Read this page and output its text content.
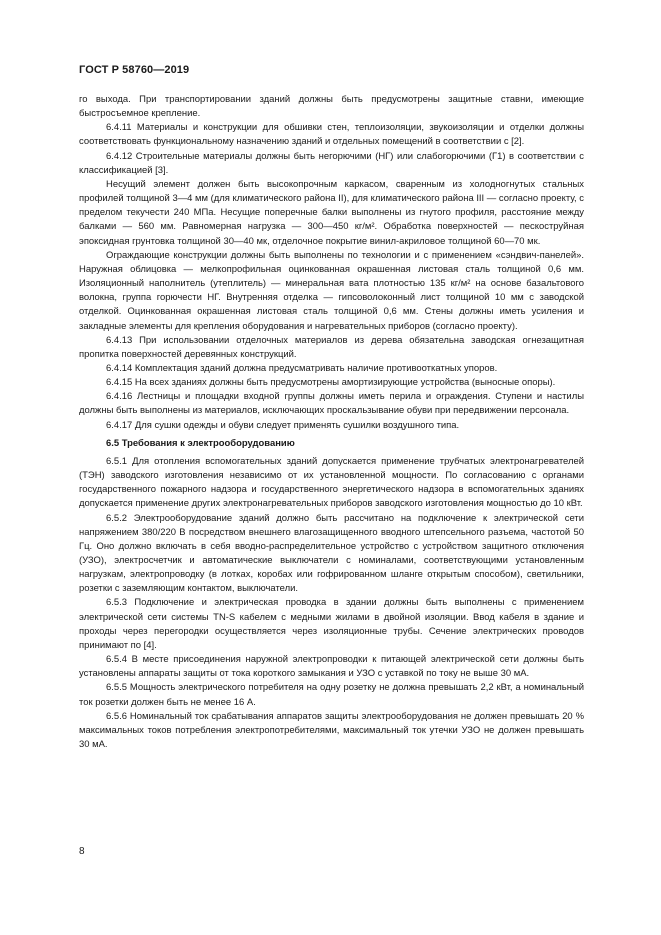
ГОСТ Р 58760—2019

го выхода. При транспортировании зданий должны быть предусмотрены защитные ставни, имеющие быстросъемное крепление.

6.4.11 Материалы и конструкции для обшивки стен, теплоизоляции, звукоизоляции и отделки должны соответствовать функциональному назначению зданий и отдельных помещений в соответствии с [2].

6.4.12 Строительные материалы должны быть негорючими (НГ) или слабогорючими (Г1) в соответствии с классификацией [3].

Несущий элемент должен быть высокопрочным каркасом, сваренным из холодногнутых стальных профилей толщиной 3—4 мм (для климатического района II), для климатического района III — согласно проекту, с пределом текучести 240 МПа. Несущие поперечные балки выполнены из гнутого профиля, расстояние между балками — 560 мм. Равномерная нагрузка — 300—450 кг/м². Обработка поверхностей — пескоструйная эпоксидная грунтовка толщиной 30—40 мк, отделочное покрытие винил-акриловое толщиной 60—70 мк.

Ограждающие конструкции должны быть выполнены по технологии и с применением «сэндвич-панелей». Наружная облицовка — мелкопрофильная оцинкованная окрашенная листовая сталь толщиной 0,6 мм. Изоляционный наполнитель (утеплитель) — минеральная вата плотностью 135 кг/м² на основе базальтового волокна, группа горючести НГ. Внутренняя отделка — гипсоволоконный лист толщиной 10 мм с заводской отделкой. Оцинкованная окрашенная листовая сталь толщиной 0,6 мм. Стены должны иметь усиления и закладные элементы для крепления оборудования и нагревательных приборов (согласно проекту).

6.4.13 При использовании отделочных материалов из дерева обязательна заводская огнезащитная пропитка поверхностей деревянных конструкций.

6.4.14 Комплектация зданий должна предусматривать наличие противооткатных упоров.

6.4.15 На всех зданиях должны быть предусмотрены амортизирующие устройства (выносные опоры).

6.4.16 Лестницы и площадки входной группы должны иметь перила и ограждения. Ступени и настилы должны быть выполнены из материалов, исключающих проскальзывание обуви при передвижении персонала.

6.4.17 Для сушки одежды и обуви следует применять сушилки воздушного типа.

6.5 Требования к электрооборудованию

6.5.1 Для отопления вспомогательных зданий допускается применение трубчатых электронагревателей (ТЭН) заводского изготовления независимо от их установленной мощности. По согласованию с органами государственного пожарного надзора и государственного энергетического надзора в вспомогательных зданиях допускается применение других электронагревательных приборов заводского изготовления мощностью до 10 кВт.

6.5.2 Электрооборудование зданий должно быть рассчитано на подключение к электрической сети напряжением 380/220 В посредством внешнего влагозащищенного вводного штепсельного разъема, частотой 50 Гц. Оно должно включать в себя вводно-распределительное устройство с устройством защитного отключения (УЗО), электросчетчик и автоматические выключатели с номиналами, соответствующими установленным нагрузкам, электропроводку (в лотках, коробах или гофрированном шланге открытым способом), светильники, розетки с заземляющим контактом, выключатели.

6.5.3 Подключение и электрическая проводка в здании должны быть выполнены с применением электрической сети системы TN-S кабелем с медными жилами в двойной изоляции. Ввод кабеля в здание и проходы через перегородки осуществляется через изоляционные трубы. Сечение электрических проводов принимают по [4].

6.5.4 В месте присоединения наружной электропроводки к питающей электрической сети должны быть установлены аппараты защиты от тока короткого замыкания и УЗО с уставкой по току не выше 30 мА.

6.5.5 Мощность электрического потребителя на одну розетку не должна превышать 2,2 кВт, а номинальный ток розетки должен быть не менее 16 А.

6.5.6 Номинальный ток срабатывания аппаратов защиты электрооборудования не должен превышать 20 % максимальных токов потребления электропотребителями, максимальный ток утечки УЗО не должен превышать 30 мА.

8
